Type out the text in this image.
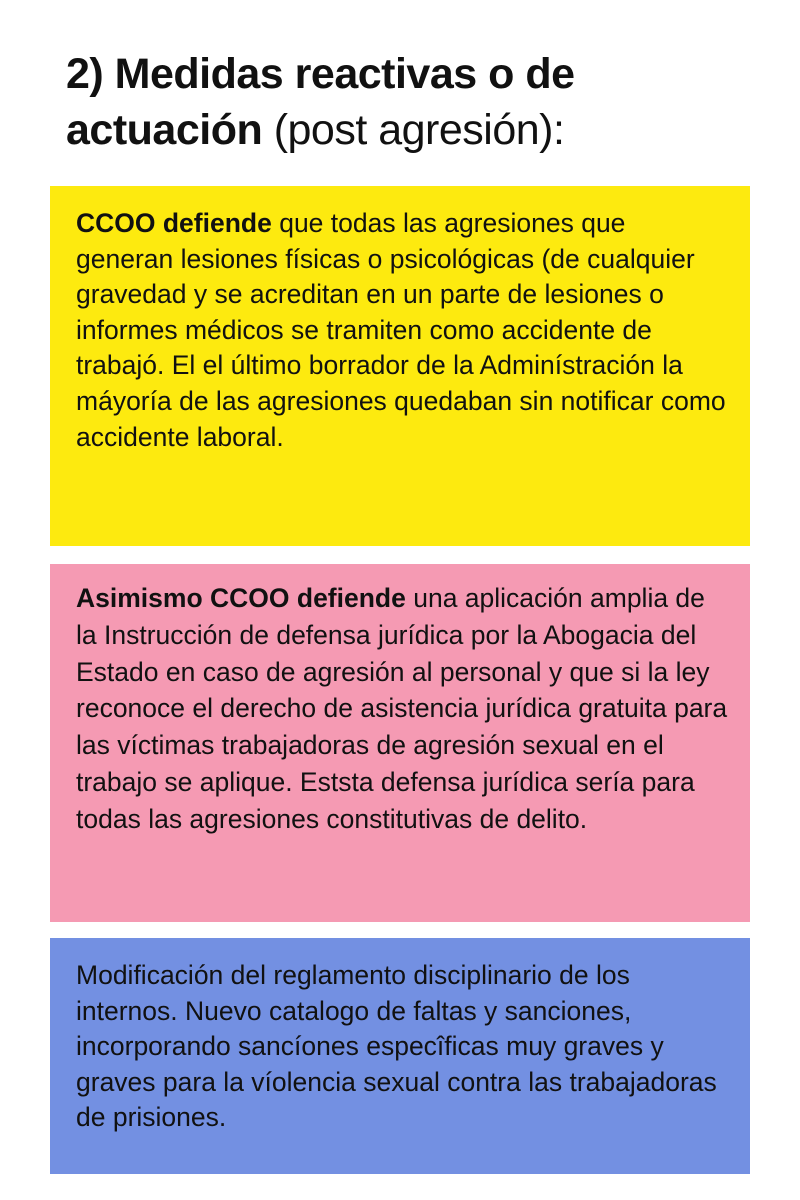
2) Medidas reactivas o de
actuación (post agresión):

CCOO defiende que todas las agresiones que generan lesiones físicas o psicológicas (de cualquier gravedad y se acreditan en un parte de lesiones o informes médicos se tramiten como accidente de trabajó. El el último borrador de la Adminístración la máyoría de las agresiones quedaban sin notificar como accidente laboral.

Asimismo CCOO defiende una aplicación amplia de la Instrucción de defensa jurídica por la Abogacia del Estado en caso de agresión al personal y que si la ley reconoce el derecho de asistencia jurídica gratuita para las víctimas trabajadoras de agresión sexual en el trabajo se aplique. Eststa defensa jurídica sería para todas las agresiones constitutivas de delito.

Modificación del reglamento disciplinario de los internos. Nuevo catalogo de faltas y sanciones, incorporando sancíones especîficas muy graves y graves para la víolencia sexual contra las trabajadoras de prisiones.
